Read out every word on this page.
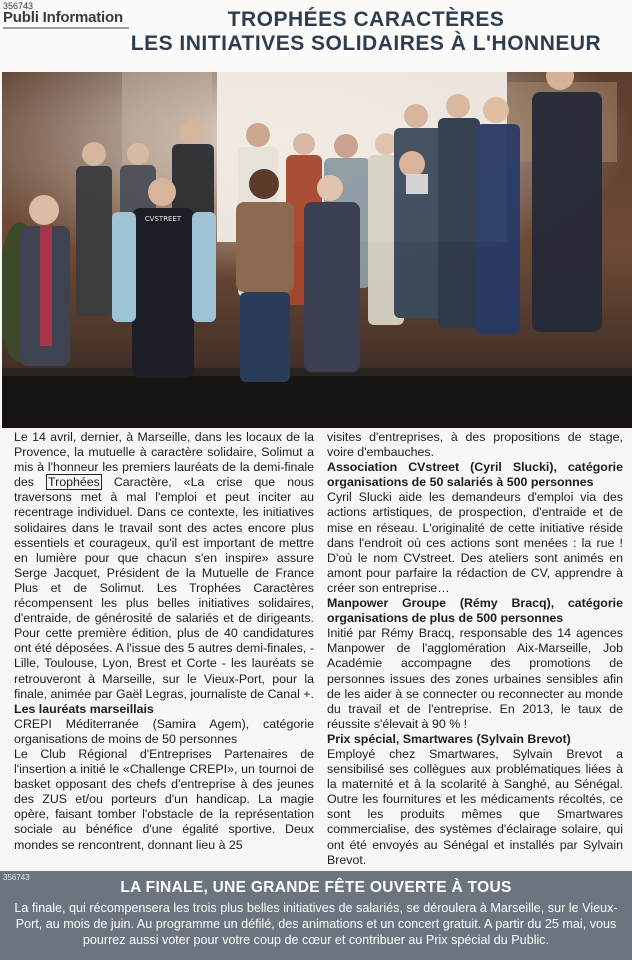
356743
Publi Information	TROPHÉES CARACTÈRES
LES INITIATIVES SOLIDAIRES À L'HONNEUR
CVSTREET

Le 14 avril, dernier, à Marseille, dans les locaux de la Provence, la mutuelle à caractère solidaire, Solimut a mis à l'honneur les premiers lauréats de la demi-finale des Trophées Caractère, «La crise que nous traversons met à mal l'emploi et peut inciter au recentrage individuel. Dans ce contexte, les initiatives solidaires dans le travail sont des actes encore plus essentiels et courageux, qu'il est important de mettre en lumière pour que chacun s'en inspire» assure Serge Jacquet, Président de la Mutuelle de France Plus et de Solimut. Les Trophées Caractères récompensent les plus belles initiatives solidaires, d'entraide, de générosité de salariés et de dirigeants. Pour cette première édition, plus de 40 candidatures ont été déposées. A l'issue des 5 autres demi-finales, - Lille, Toulouse, Lyon, Brest et Corte - les lauréats se retrouveront à Marseille, sur le Vieux-Port, pour la finale, animée par Gaël Legras, journaliste de Canal +.

Les lauréats marseillais

CREPI Méditerranée (Samira Agem), catégorie organisations de moins de 50 personnes

Le Club Régional d'Entreprises Partenaires de l'insertion a initié le «Challenge CREPI», un tournoi de basket opposant des chefs d'entreprise à des jeunes des ZUS et/ou porteurs d'un handicap. La magie opère, faisant tomber l'obstacle de la représentation sociale au bénéfice d'une égalité sportive. Deux mondes se rencontrent, donnant lieu à 25

visites d'entreprises, à des propositions de stage, voire d'embauches.

Association CVstreet (Cyril Slucki), catégorie organisations de 50 salariés à 500 personnes

Cyril Slucki aide les demandeurs d'emploi via des actions artistiques, de prospection, d'entraide et de mise en réseau. L'originalité de cette initiative réside dans l'endroit où ces actions sont menées : la rue ! D'où le nom CVstreet. Des ateliers sont animés en amont pour parfaire la rédaction de CV, apprendre à créer son entreprise…

Manpower Groupe (Rémy Bracq), catégorie organisations de plus de 500 personnes

Initié par Rémy Bracq, responsable des 14 agences Manpower de l'agglomération Aix-Marseille, Job Académie accompagne des promotions de personnes issues des zones urbaines sensibles afin de les aider à se connecter ou reconnecter au monde du travail et de l'entreprise. En 2013, le taux de réussite s'élevait à 90 % !

Prix spécial, Smartwares (Sylvain Brevot)

Employé chez Smartwares, Sylvain Brevot a sensibilisé ses collègues aux problématiques liées à la maternité et à la scolarité à Sanghé, au Sénégal. Outre les fournitures et les médicaments récoltés, ce sont les produits mêmes que Smartwares commercialise, des systèmes d'éclairage solaire, qui ont été envoyés au Sénégal et installés par Sylvain Brevot.

356743
LA FINALE, UNE GRANDE FÊTE OUVERTE À TOUS
La finale, qui récompensera les trois plus belles initiatives de salariés, se déroulera à Marseille, sur le Vieux-Port, au mois de juin. Au programme un défilé, des animations et un concert gratuit. A partir du 25 mai, vous pourrez aussi voter pour votre coup de cœur et contribuer au Prix spécial du Public.
